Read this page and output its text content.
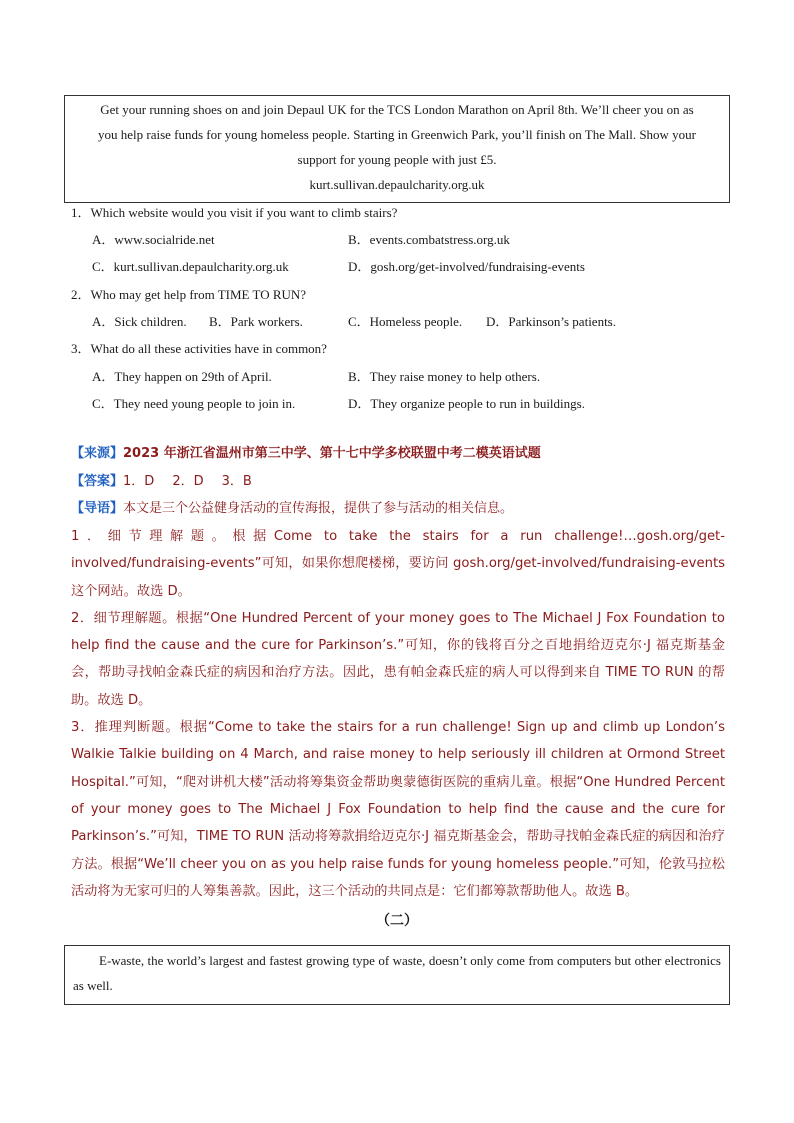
Get your running shoes on and join Depaul UK for the TCS London Marathon on April 8th. We’ll cheer you on as

you help raise funds for young homeless people. Starting in Greenwich Park, you’ll finish on The Mall. Show your

support for young people with just £5.

kurt.sullivan.depaulcharity.org.uk

1．Which website would you visit if you want to climb stairs?
A．www.socialride.net	B．events.combatstress.org.uk
C．kurt.sullivan.depaulcharity.org.uk	D．gosh.org/get-involved/fundraising-events
2．Who may get help from TIME TO RUN?
A．Sick children. B．Park workers.	C．Homeless people. D．Parkinson’s patients.
3．What do all these activities have in common?
A．They happen on 29th of April.	B．They raise money to help others.
C．They need young people to join in.	D．They organize people to run in buildings.
【来源】2023 年浙江省温州市第三中学、第十七中学多校联盟中考二模英语试题
【答案】1．D 2．D 3．B
【导语】本文是三个公益健身活动的宣传海报，提供了参与活动的相关信息。

1．细节理解题。根据Come to take the stairs for a run challenge!…gosh.org/get-involved/fundraising-events”可知，如果你想爬楼梯，要访问 gosh.org/get-involved/fundraising-events 这个网站。故选 D。

2．细节理解题。根据“One Hundred Percent of your money goes to The Michael J Fox Foundation to help find the cause and the cure for Parkinson’s.”可知，你的钱将百分之百地捐给迈克尔·J 福克斯基金会，帮助寻找帕金森氏症的病因和治疗方法。因此，患有帕金森氏症的病人可以得到来自 TIME TO RUN 的帮助。故选 D。

3．推理判断题。根据“Come to take the stairs for a run challenge! Sign up and climb up London’s Walkie Talkie building on 4 March, and raise money to help seriously ill children at Ormond Street Hospital.”可知，“爬对讲机大楼”活动将筹集资金帮助奥蒙德街医院的重病儿童。根据“One Hundred Percent of your money goes to The Michael J Fox Foundation to help find the cause and the cure for Parkinson’s.”可知，TIME TO RUN 活动将筹款捐给迈克尔·J 福克斯基金会，帮助寻找帕金森氏症的病因和治疗方法。根据“We’ll cheer you on as you help raise funds for young homeless people.”可知，伦敦马拉松活动将为无家可归的人筹集善款。因此，这三个活动的共同点是：它们都筹款帮助他人。故选 B。

（二）

E-waste, the world’s largest and fastest growing type of waste, doesn’t only come from computers but other electronics as well.
